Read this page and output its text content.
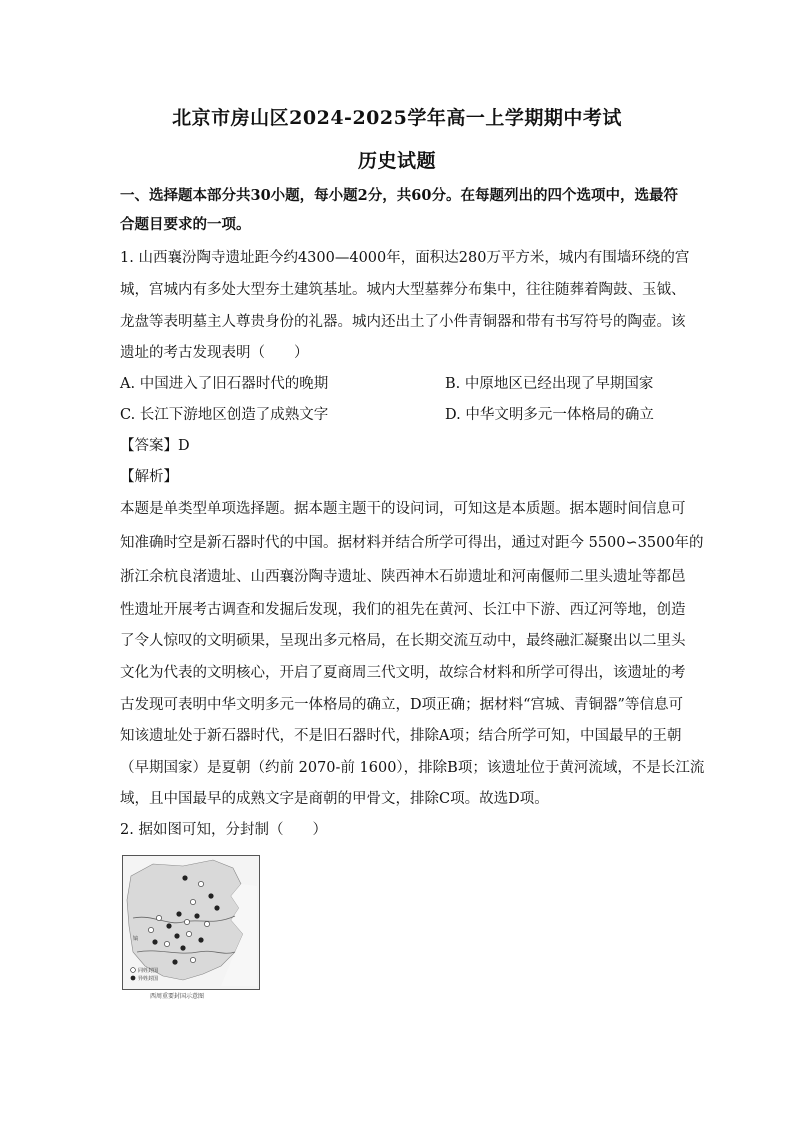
北京市房山区2024-2025学年高一上学期期中考试
历史试题
一、选择题本部分共30小题，每小题2分，共60分。在每题列出的四个选项中，选最符
合题目要求的一项。
1. 山西襄汾陶寺遗址距今约4300—4000年，面积达280万平方米，城内有围墙环绕的宫
城，宫城内有多处大型夯土建筑基址。城内大型墓葬分布集中，往往随葬着陶鼓、玉钺、
龙盘等表明墓主人尊贵身份的礼器。城内还出土了小件青铜器和带有书写符号的陶壶。该
遗址的考古发现表明（　　）
A. 中国进入了旧石器时代的晚期	B. 中原地区已经出现了早期国家
C. 长江下游地区创造了成熟文字	D. 中华文明多元一体格局的确立
【答案】D
【解析】
本题是单类型单项选择题。据本题主题干的设问词，可知这是本质题。据本题时间信息可
知准确时空是新石器时代的中国。据材料并结合所学可得出，通过对距今 5500∽3500年的
浙江余杭良渚遗址、山西襄汾陶寺遗址、陕西神木石峁遗址和河南偃师二里头遗址等都邑
性遗址开展考古调查和发掘后发现，我们的祖先在黄河、长江中下游、西辽河等地，创造
了令人惊叹的文明硕果，呈现出多元格局，在长期交流互动中，最终融汇凝聚出以二里头
文化为代表的文明核心，开启了夏商周三代文明，故综合材料和所学可得出，该遗址的考
古发现可表明中华文明多元一体格局的确立，D项正确；据材料“宫城、青铜器”等信息可
知该遗址处于新石器时代，不是旧石器时代，排除A项；结合所学可知，中国最早的王朝
（早期国家）是夏朝（约前 2070-前 1600），排除B项；该遗址位于黄河流域，不是长江流
域，且中国最早的成熟文字是商朝的甲骨文，排除C项。故选D项。
2. 据如图可知，分封制（　　）
镐
同姓封国
异姓封国
西周重要封国示意图
